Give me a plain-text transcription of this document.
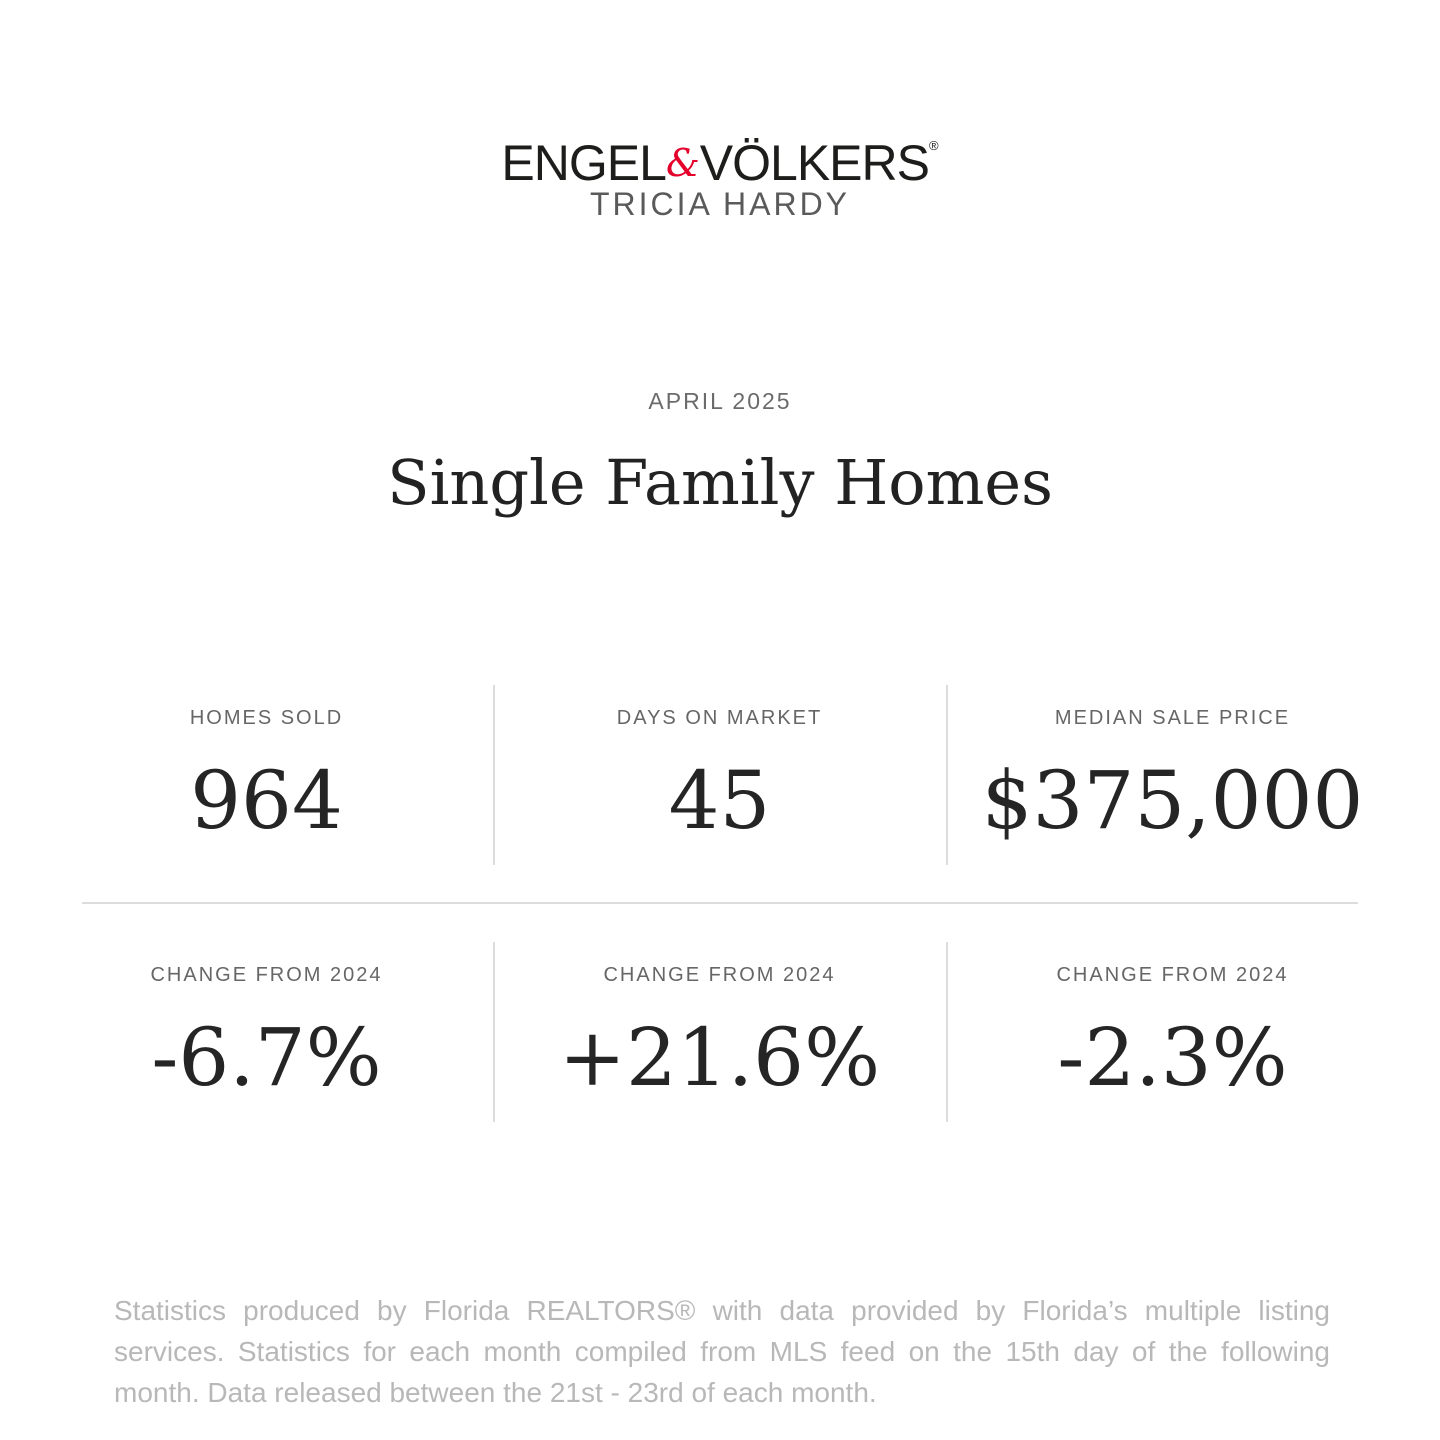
ENGEL&VÖLKERS®
TRICIA HARDY
APRIL 2025
Single Family Homes
HOMES SOLD
964
DAYS ON MARKET
45
MEDIAN SALE PRICE
$375,000
CHANGE FROM 2024
-6.7%
CHANGE FROM 2024
+21.6%
CHANGE FROM 2024
-2.3%
Statistics produced by Florida REALTORS® with data provided by Florida’s multiple listing services. Statistics for each month compiled from MLS feed on the 15th day of the following month. Data released between the 21st - 23rd of each month.
